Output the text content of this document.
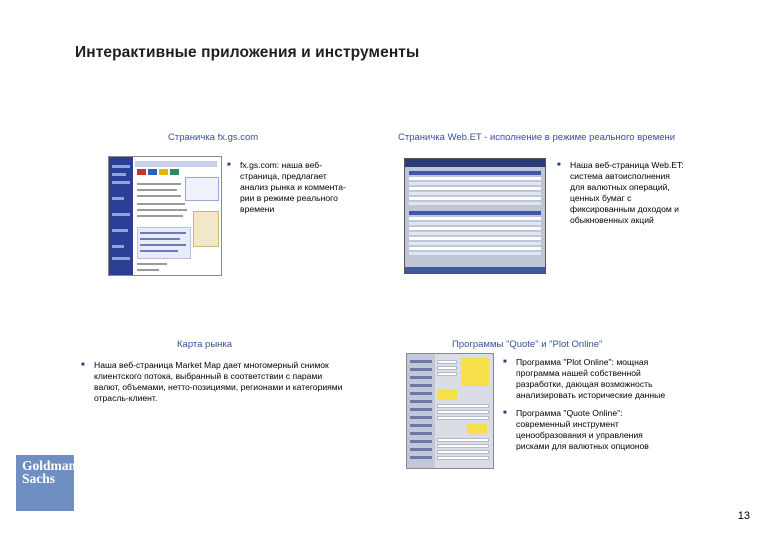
Интерактивные приложения и инструменты
Страничка fx.gs.com
■ fx.gs.com: наша веб-
страница, предлагает
анализ рынка и коммента-
рии в режиме реального
времени
Страничка Web.ET - исполнение в режиме реального времени
■ Наша веб-страница Web.ET:
система автоисполнения
для валютных операций,
ценных бумаг с
фиксированным доходом и
обыкновенных акций
Карта рынка
■ Наша веб-страница Market Map дает многомерный снимок
клиентского потока, выбранный в соответствии с парами
валют, объемами, нетто-позициями, регионами и категориями
отрасль-клиент.
Программы "Quote" и "Plot Online"
■ Программа "Plot Online": мощная
программа нашей собственной
разработки, дающая возможность
анализировать исторические данные
■ Программа "Quote Online":
современный инструмент
ценообразования и управления
рисками для валютных опционов
Goldman
Sachs
13
